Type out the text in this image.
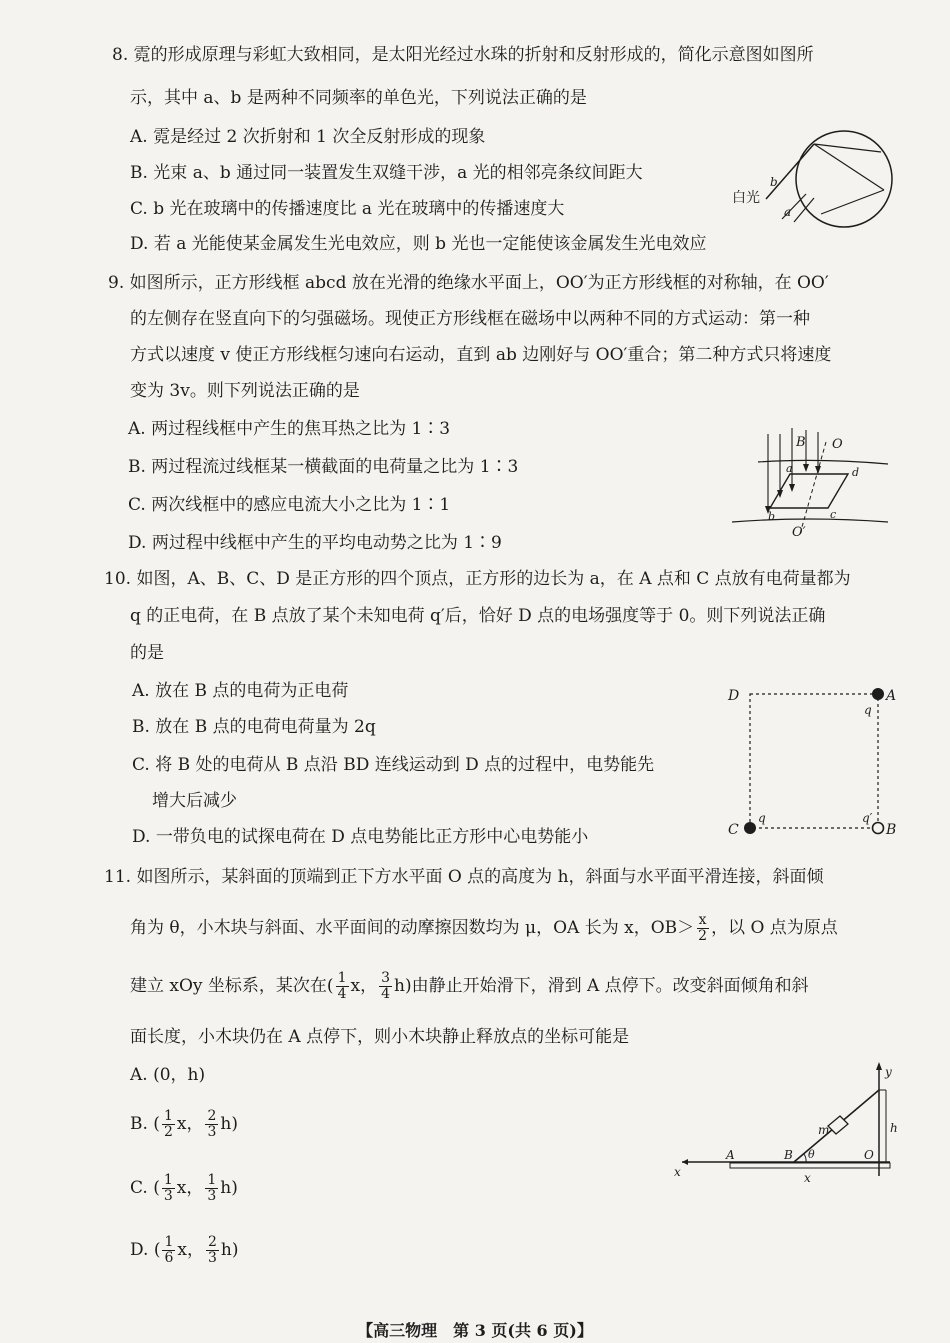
8. 霓的形成原理与彩虹大致相同，是太阳光经过水珠的折射和反射形成的，简化示意图如图所
示，其中 a、b 是两种不同频率的单色光，下列说法正确的是
A. 霓是经过 2 次折射和 1 次全反射形成的现象
B. 光束 a、b 通过同一装置发生双缝干涉，a 光的相邻亮条纹间距大
C. b 光在玻璃中的传播速度比 a 光在玻璃中的传播速度大
D. 若 a 光能使某金属发生光电效应，则 b 光也一定能使该金属发生光电效应
白光
b
a
9. 如图所示，正方形线框 abcd 放在光滑的绝缘水平面上，OO′为正方形线框的对称轴，在 OO′
的左侧存在竖直向下的匀强磁场。现使正方形线框在磁场中以两种不同的方式运动：第一种
方式以速度 v 使正方形线框匀速向右运动，直到 ab 边刚好与 OO′重合；第二种方式只将速度
变为 3v。则下列说法正确的是
A. 两过程线框中产生的焦耳热之比为 1∶3
B. 两过程流过线框某一横截面的电荷量之比为 1∶3
C. 两次线框中的感应电流大小之比为 1∶1
D. 两过程中线框中产生的平均电动势之比为 1∶9
B O
a
b	c
d
O′
10. 如图，A、B、C、D 是正方形的四个顶点，正方形的边长为 a，在 A 点和 C 点放有电荷量都为
q 的正电荷，在 B 点放了某个未知电荷 q′后，恰好 D 点的电场强度等于 0。则下列说法正确
的是
A. 放在 B 点的电荷为正电荷
B. 放在 B 点的电荷电荷量为 2q
C. 将 B 处的电荷从 B 点沿 BD 连线运动到 D 点的过程中，电势能先
增大后减少
D. 一带负电的试探电荷在 D 点电势能比正方形中心电势能小
D	A
C	B
q
q	q′
11. 如图所示，某斜面的顶端到正下方水平面 O 点的高度为 h，斜面与水平面平滑连接，斜面倾
角为 θ，小木块与斜面、水平面间的动摩擦因数均为 μ，OA 长为 x，$OB> \frac{x}{2}$ ，以 O 点为原点
建立 xOy 坐标系，某次在( $\frac{1}{4}$ x， $\frac{3}{4} h$)由静止开始滑下，滑到 A 点停下。改变斜面倾角和斜
面长度，小木块仍在 A 点停下，则小木块静止释放点的坐标可能是
A. (0，h)
B. ( $\frac{1}{2}$ x， $\frac{2}{3} h$)
C. ( $\frac{1}{3}$ x， $\frac{1}{3} h$)
D. ( $\frac{1}{6}$ x， $\frac{2}{3} h$)
y
m	h
x
A	B θ	O
x
【高三物理　第 3 页(共 6 页)】
